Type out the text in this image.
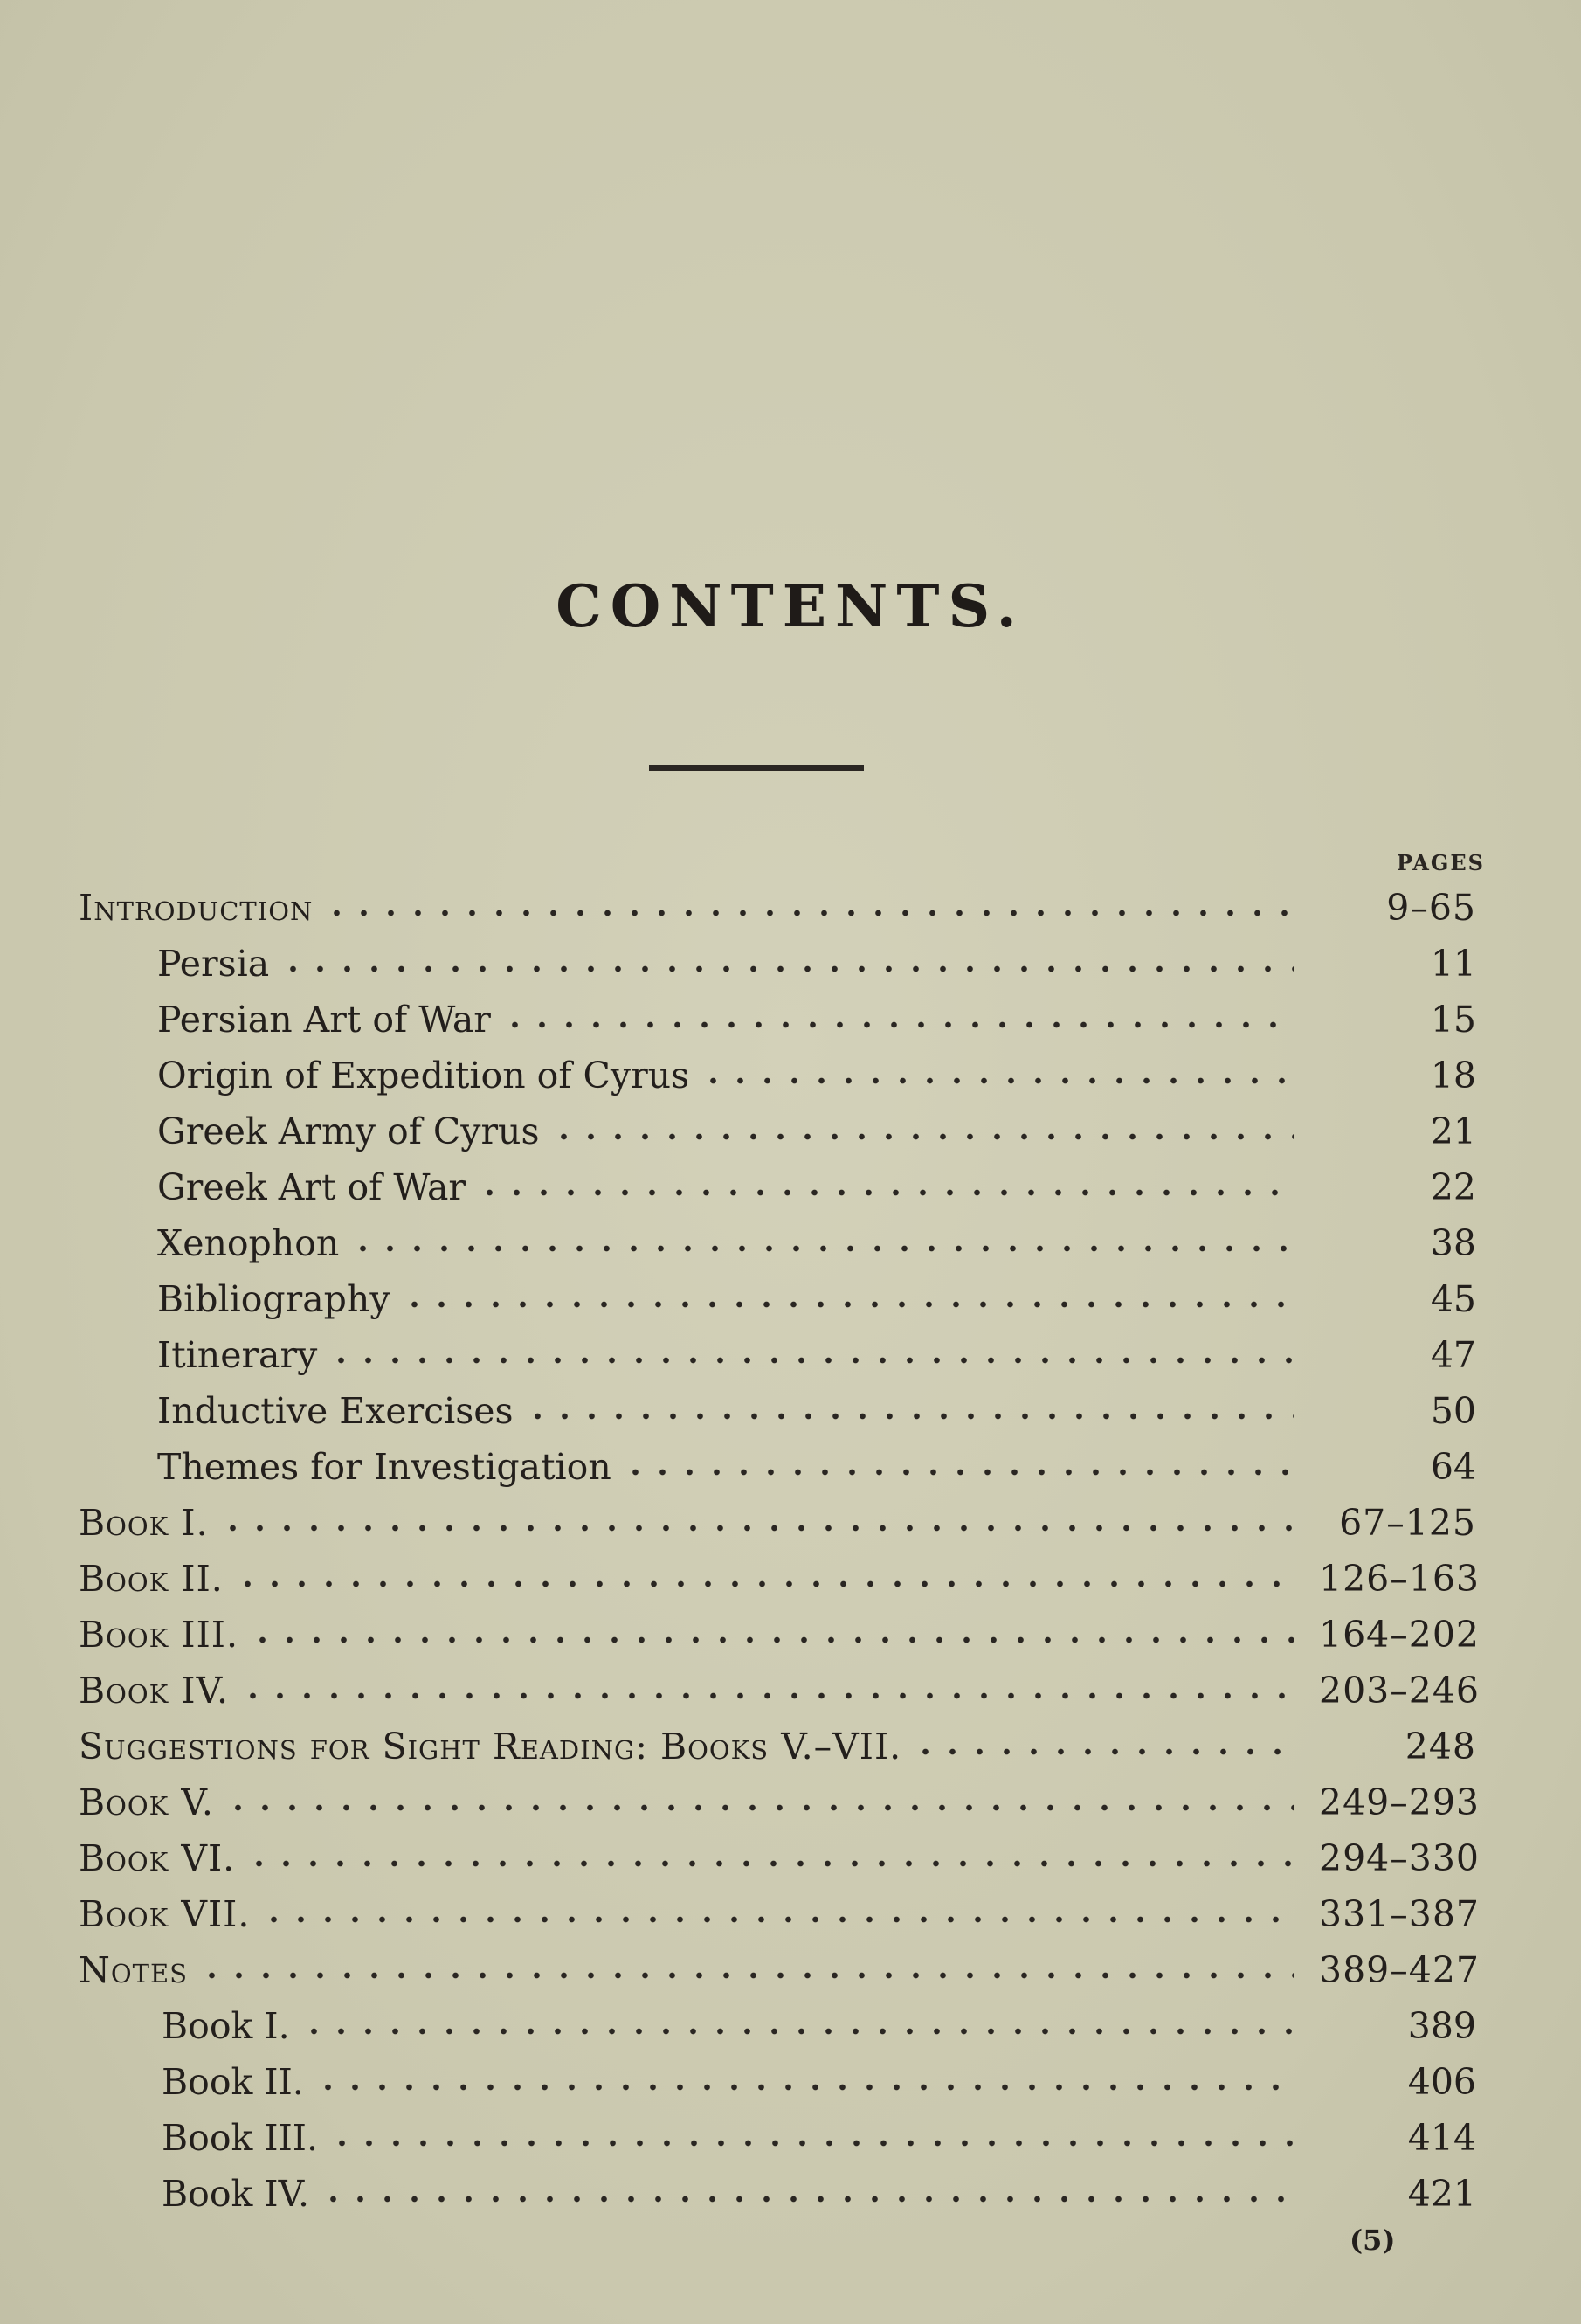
CONTENTS.
PAGES
Introduction	9–65
Persia	11
Persian Art of War	15
Origin of Expedition of Cyrus	18
Greek Army of Cyrus	21
Greek Art of War	22
Xenophon	38
Bibliography	45
Itinerary	47
Inductive Exercises	50
Themes for Investigation	64
Book I.	67–125
Book II.	126–163
Book III.	164–202
Book IV.	203–246
Suggestions for Sight Reading: Books V.–VII.	248
Book V.	249–293
Book VI.	294–330
Book VII.	331–387
Notes	389–427
Book I.	389
Book II.	406
Book III.	414
Book IV.	421
(5)
